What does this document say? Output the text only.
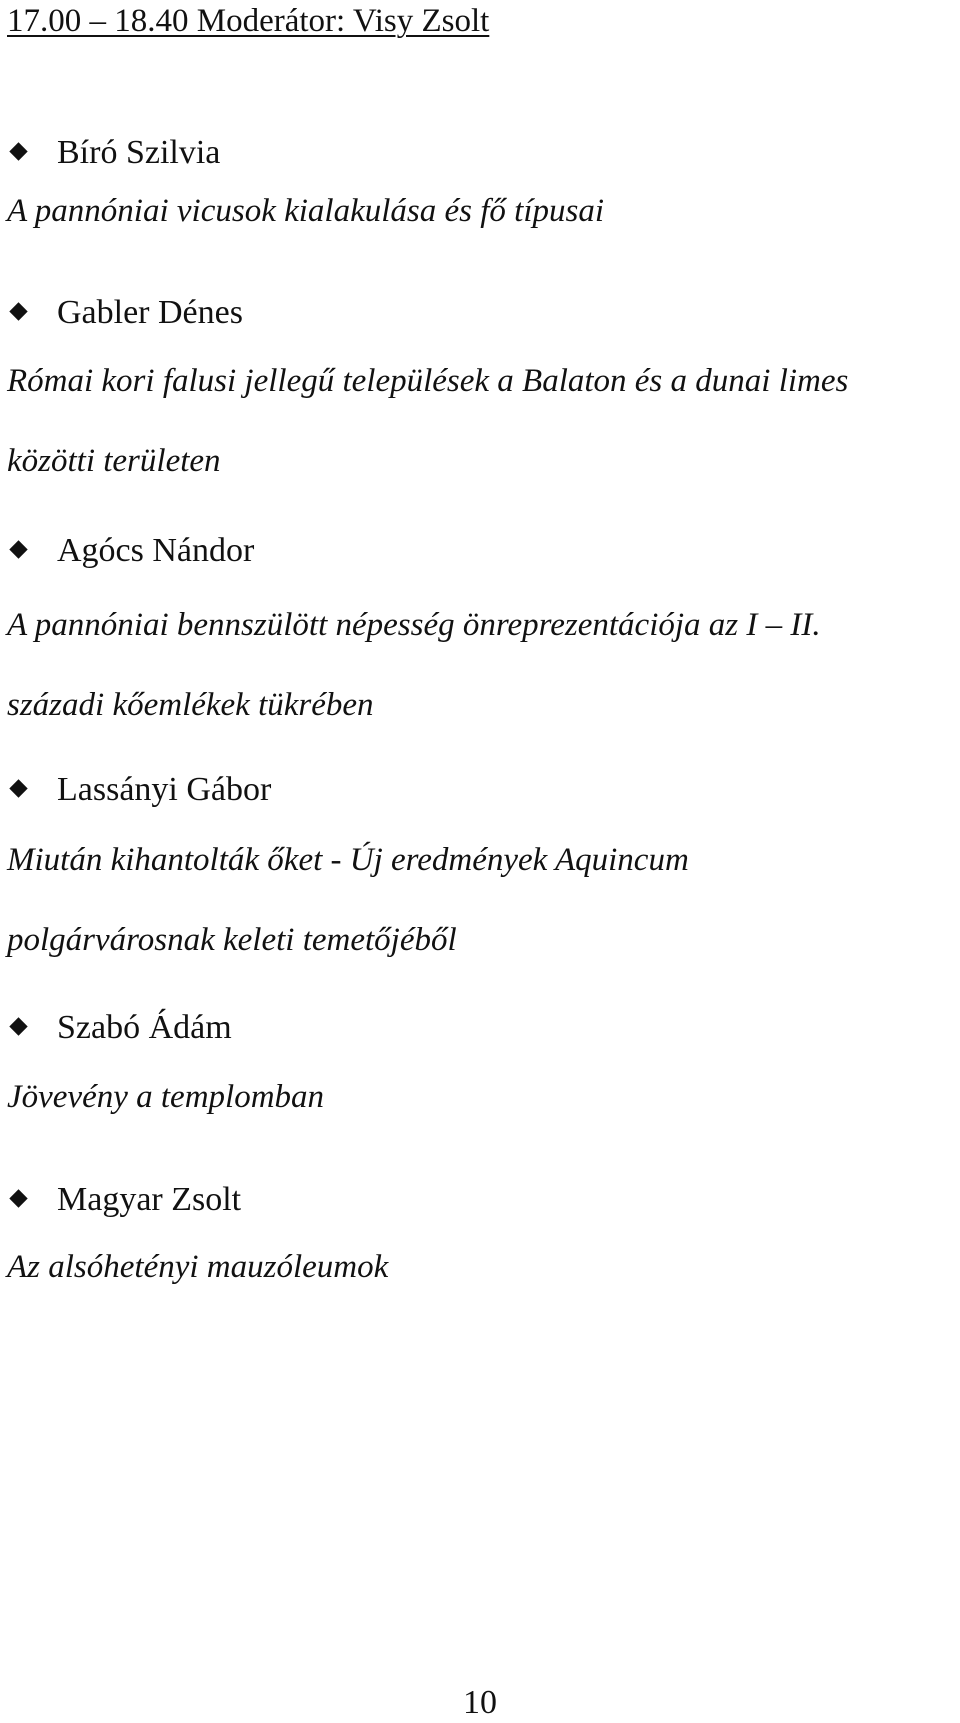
17.00 – 18.40 Moderátor: Visy Zsolt
Bíró Szilvia
A pannóniai vicusok kialakulása és fő típusai
Gabler Dénes
Római kori falusi jellegű települések a Balaton és a dunai limes közötti területen
Agócs Nándor
A pannóniai bennszülött népesség önreprezentációja az I – II. századi kőemlékek tükrében
Lassányi Gábor
Miután kihantolták őket - Új eredmények Aquincum polgárvárosnak keleti temetőjéből
Szabó Ádám
Jövevény a templomban
Magyar Zsolt
Az alsóhetényi mauzóleumok
10
